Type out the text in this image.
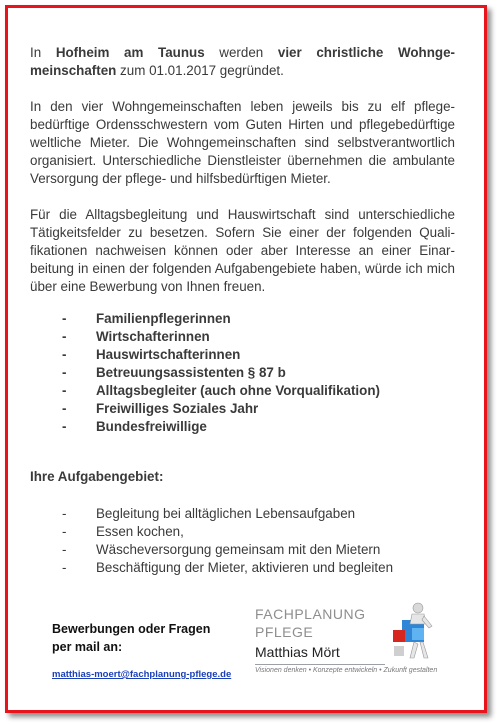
In Hofheim am Taunus werden vier christliche Wohngemeinschaften zum 01.01.2017 gegründet.

In den vier Wohngemeinschaften leben jeweils bis zu elf pflegebedürftige Ordensschwestern vom Guten Hirten und pflegebedürftige weltliche Mieter. Die Wohngemeinschaften sind selbstverantwortlich organisiert. Unterschiedliche Dienstleister übernehmen die ambulante Versorgung der pflege- und hilfsbedürftigen Mieter.

Für die Alltagsbegleitung und Hauswirtschaft sind unterschiedliche Tätigkeitsfelder zu besetzen. Sofern Sie einer der folgenden Qualifikationen nachweisen können oder aber Interesse an einer Einarbeitung in einen der folgenden Aufgabengebiete haben, würde ich mich über eine Bewerbung von Ihnen freuen.

- Familienpflegerinnen
- Wirtschafterinnen
- Hauswirtschafterinnen
- Betreuungsassistenten § 87 b
- Alltagsbegleiter (auch ohne Vorqualifikation)
- Freiwilliges Soziales Jahr
- Bundesfreiwillige
Ihre Aufgabengebiet:
- Begleitung bei alltäglichen Lebensaufgaben
- Essen kochen,
- Wäscheversorgung gemeinsam mit den Mietern
- Beschäftigung der Mieter, aktivieren und begleiten
Bewerbungen oder Fragen
per mail an:
matthias-moert@fachplanung-pflege.de
FACHPLANUNG
PFLEGE
Matthias Mört
Visionen denken • Konzepte entwickeln • Zukunft gestalten
